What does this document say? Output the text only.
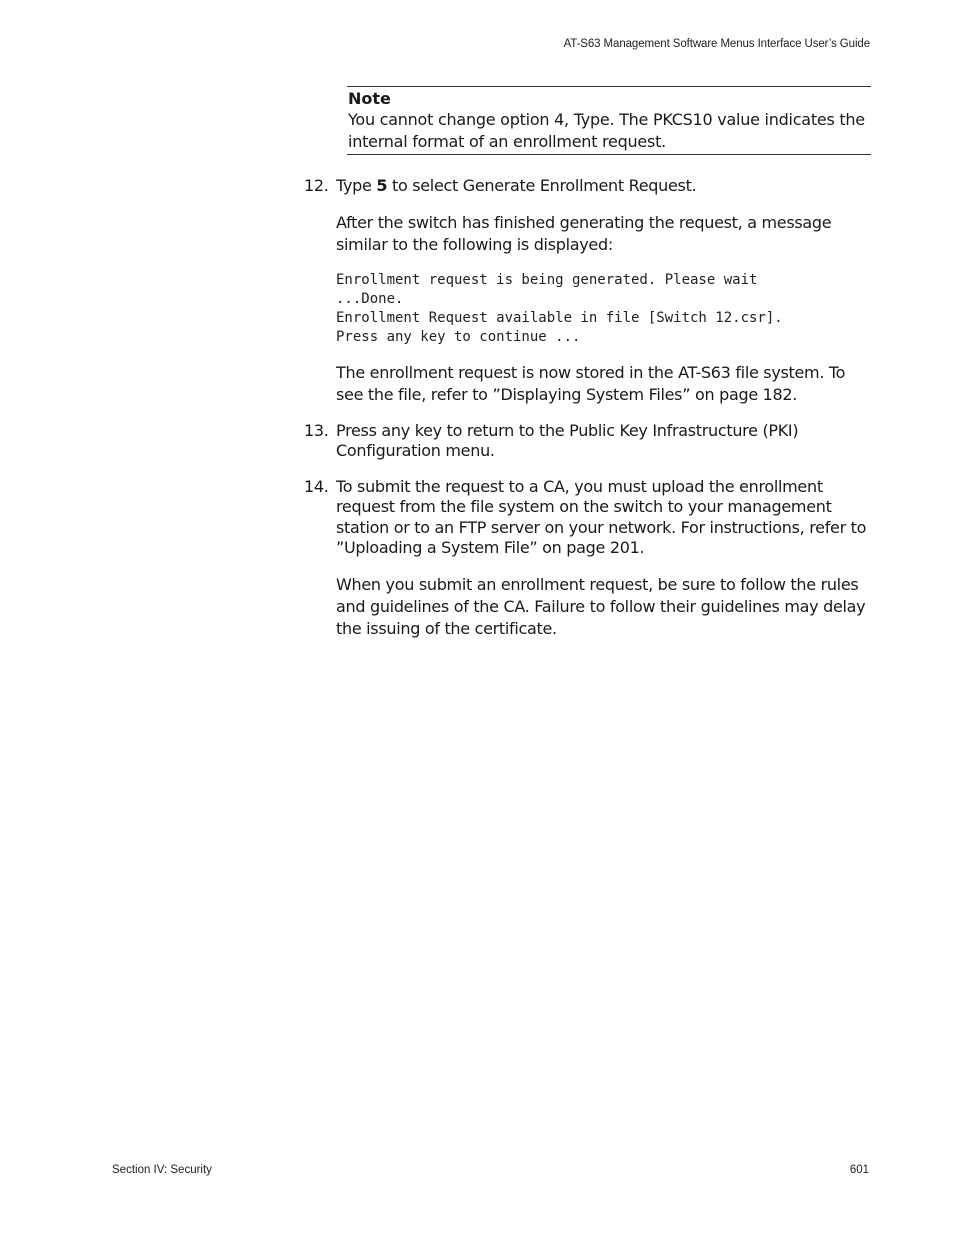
AT-S63 Management Software Menus Interface User’s Guide
Note
You cannot change option 4, Type. The PKCS10 value indicates the internal format of an enrollment request.
12. Type 5 to select Generate Enrollment Request.
After the switch has finished generating the request, a message similar to the following is displayed:
Enrollment request is being generated. Please wait
...Done.
Enrollment Request available in file [Switch 12.csr].
Press any key to continue ...
The enrollment request is now stored in the AT-S63 file system. To see the file, refer to ”Displaying System Files” on page 182.
13. Press any key to return to the Public Key Infrastructure (PKI) Configuration menu.
14. To submit the request to a CA, you must upload the enrollment request from the file system on the switch to your management station or to an FTP server on your network. For instructions, refer to ”Uploading a System File” on page 201.
When you submit an enrollment request, be sure to follow the rules and guidelines of the CA. Failure to follow their guidelines may delay the issuing of the certificate.
Section IV: Security	601
